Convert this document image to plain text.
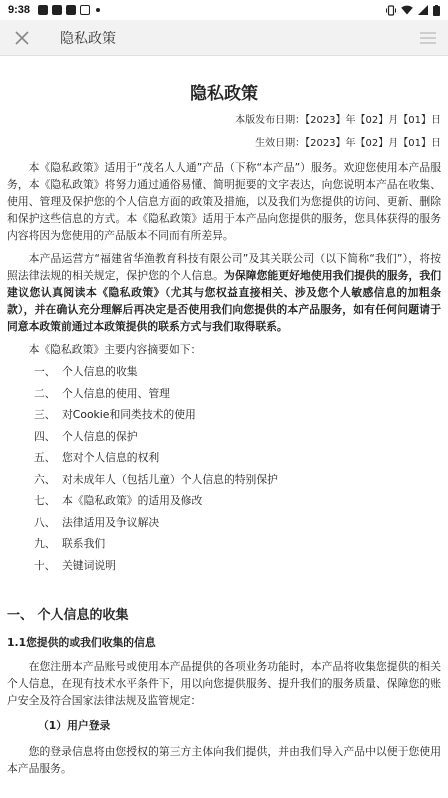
9:38
隐私政策
隐私政策
本版发布日期：【2023】年【02】月【01】日
生效日期：【2023】年【02】月【01】日

本《隐私政策》适用于“茂名人人通”产品（下称“本产品”）服务。欢迎您使用本产品服务，本《隐私政策》将努力通过通俗易懂、简明扼要的文字表达，向您说明本产品在收集、使用、管理及保护您的个人信息方面的政策及措施，以及我们为您提供的访问、更新、删除和保护这些信息的方式。本《隐私政策》适用于本产品向您提供的服务，您具体获得的服务内容将因为您使用的产品版本不同而有所差异。

本产品运营方“福建省华渔教育科技有限公司”及其关联公司（以下简称“我们”），将按照法律法规的相关规定，保护您的个人信息。为保障您能更好地使用我们提供的服务，我们建议您认真阅读本《隐私政策》（尤其与您权益直接相关、涉及您个人敏感信息的加粗条款），并在确认充分理解后再决定是否使用我们向您提供的本产品服务，如有任何问题请于同意本政策前通过本政策提供的联系方式与我们取得联系。

本《隐私政策》主要内容摘要如下：

一、 个人信息的收集
二、 个人信息的使用、管理
三、 对Cookie和同类技术的使用
四、 个人信息的保护
五、 您对个人信息的权利
六、 对未成年人（包括儿童）个人信息的特别保护
七、 本《隐私政策》的适用及修改
八、 法律适用及争议解决
九、 联系我们
十、 关键词说明
一、 个人信息的收集
1.1您提供的或我们收集的信息

在您注册本产品账号或使用本产品提供的各项业务功能时，本产品将收集您提供的相关个人信息，在现有技术水平条件下，用以向您提供服务、提升我们的服务质量、保障您的账户安全及符合国家法律法规及监管规定：

（1）用户登录

您的登录信息将由您授权的第三方主体向我们提供，并由我们导入产品中以便于您使用本产品服务。
